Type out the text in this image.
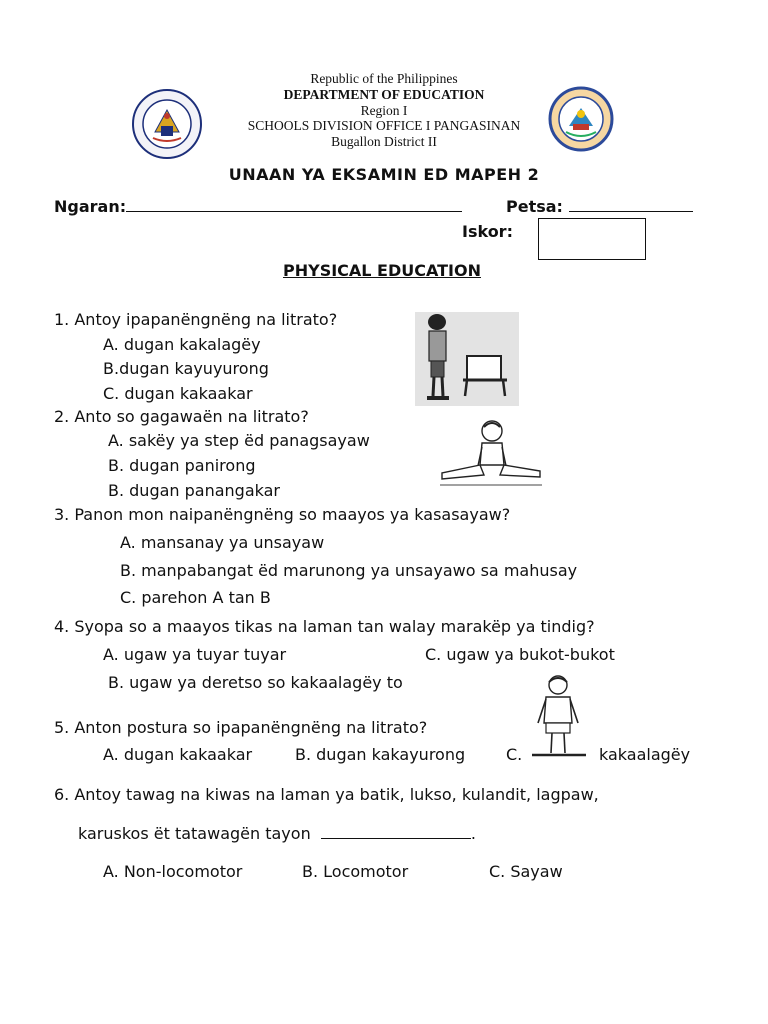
Republic of the Philippines
DEPARTMENT OF EDUCATION
Region I
SCHOOLS DIVISION OFFICE I PANGASINAN
Bugallon District II
UNAAN YA EKSAMIN ED MAPEH 2
Ngaran:	Petsa:
Iskor:
PHYSICAL EDUCATION
1. Antoy ipapanëngnëng na litrato?
A. dugan kakalagëy
B.dugan kayuyurong
C. dugan kakaakar
2. Anto so gagawaën na litrato?
A. sakëy ya step ëd panagsayaw
B. dugan panirong
B. dugan panangakar
3. Panon mon naipanëngnëng so maayos ya kasasayaw?
A. mansanay ya unsayaw
B. manpabangat ëd marunong ya unsayawo sa mahusay
C. parehon A tan B
4. Syopa so a maayos tikas na laman tan walay marakëp ya tindig?
A. ugaw ya tuyar tuyar	C. ugaw ya bukot-bukot
B. ugaw ya deretso so kakaalagëy to
5. Anton postura so ipapanëngnëng na litrato?
A. dugan kakaakar	B. dugan kakayurong	C.	kakaalagëy
6. Antoy tawag na kiwas na laman ya batik, lukso, kulandit, lagpaw,
karuskos ët tatawagën tayon	.
A. Non-locomotor	B. Locomotor	C. Sayaw
